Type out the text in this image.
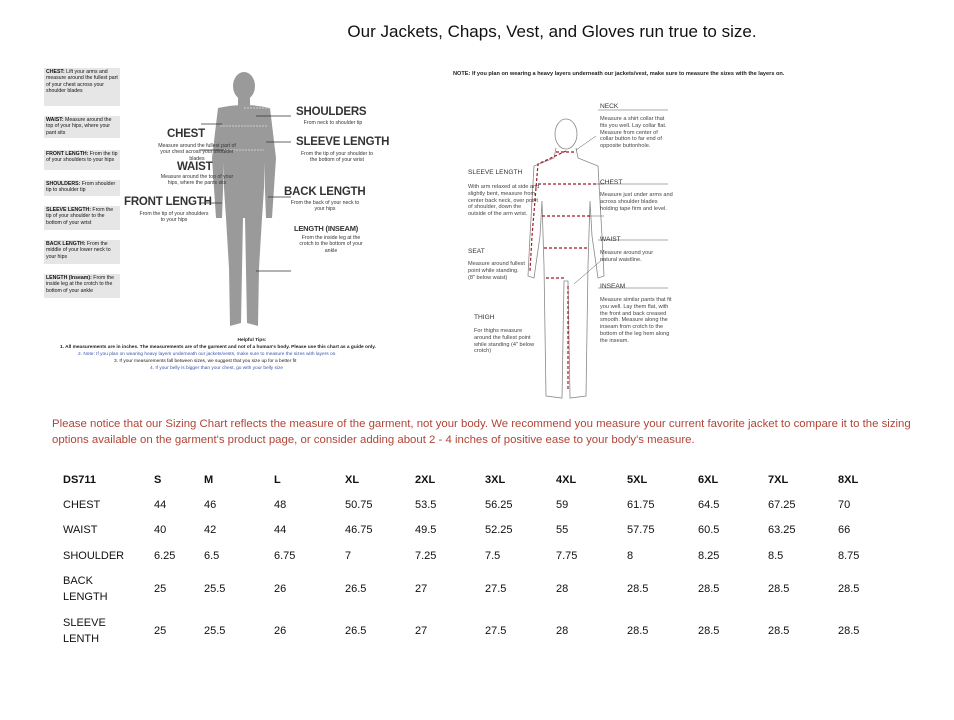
Our Jackets, Chaps, Vest, and Gloves run true to size.
CHEST: Lift your arms and measure around the fullest part of your chest across your shoulder blades
WAIST: Measure around the top of your hips, where your pant sits
FRONT LENGTH: From the tip of your shoulders to your hips
SHOULDERS: From shoulder tip to shoulder tip
SLEEVE LENGTH: From the tip of your shoulder to the bottom of your wrist
BACK LENGTH: From the middle of your lower neck to your hips
LENGTH (Inseam): From the inside leg at the crotch to the bottom of your ankle
CHEST
Measure around the fullest part of your chest across your shoulder blades
WAIST
Measure around the top of your hips, where the pants sits
FRONT LENGTH
From the tip of your shoulders to your hips
SHOULDERS
From neck to shoulder tip
SLEEVE LENGTH
From the tip of your shoulder to the bottom of your wrist
BACK LENGTH
From the back of your neck to your hips
LENGTH (INSEAM)
From the inside leg at the crotch to the bottom of your ankle
Helpful Tips:
1. All measurements are in inches. The measurements are of the garment and not of a human's body. Please use this chart as a guide only.
2. Note: If you plan on wearing heavy layers underneath our jackets/vests, make sure to measure the sizes with layers on.
3. If your measurements fall between sizes, we suggest that you size up for a better fit
4. If your belly is bigger than your chest, go with your belly size
NOTE: If you plan on wearing a heavy layers underneath our jackets/vest, make sure to measure the sizes with the layers on.
NECK
Measure a shirt collar that fits you well. Lay collar flat. Measure from center of collar button to far end of opposite buttonhole.
CHEST
Measure just under arms and across shoulder blades holding tape firm and level.
WAIST
Measure around your natural waistline.
INSEAM
Measure similar pants that fit you well. Lay them flat, with the front and back creased smooth. Measure along the inseam from crotch to the bottom of the leg hem along the inseam.
SLEEVE LENGTH
With arm relaxed at side and slightly bent, measure from center back neck, over point of shoulder, down the outside of the arm wrist.
SEAT
Measure around fullest point while standing. (8" below waist)
THIGH
For thighs measure around the fullest point while standing (4" below crotch)
Please notice that our Sizing Chart reflects the measure of the garment, not your body. We recommend you measure your current favorite jacket to compare it to the sizing options available on the garment's product page, or consider adding about 2 - 4 inches of positive ease to your body's measure.
DS711	S	M	L	XL	2XL	3XL	4XL	5XL	6XL	7XL	8XL
CHEST	44	46	48	50.75	53.5	56.25	59	61.75	64.5	67.25	70
WAIST	40	42	44	46.75	49.5	52.25	55	57.75	60.5	63.25	66
SHOULDER	6.25	6.5	6.75	7	7.25	7.5	7.75	8	8.25	8.5	8.75
BACK
LENGTH
25	25.5	26	26.5	27	27.5	28	28.5	28.5	28.5	28.5
SLEEVE
LENTH
25	25.5	26	26.5	27	27.5	28	28.5	28.5	28.5	28.5
